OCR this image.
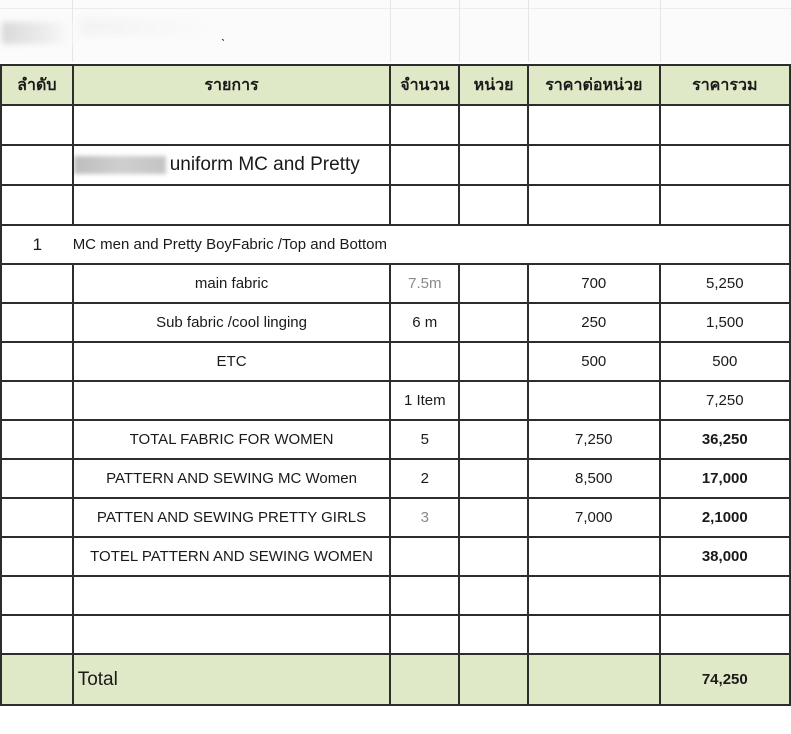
ˎ
ลำดับ	รายการ	จำนวน	หน่วย	ราคาต่อหน่วย	ราคารวม

	uniform MC and Pretty				

1	MC men and Pretty BoyFabric /Top and Bottom				
	main fabric	7.5m		700	5,250
	Sub fabric /cool linging	6 m		250	1,500
	ETC			500	500
		1 Item			7,250
	TOTAL FABRIC FOR WOMEN	5		7,250	36,250
	PATTERN AND SEWING MC Women	2		8,500	17,000
	PATTEN AND SEWING PRETTY GIRLS	3		7,000	2,1000
	TOTEL PATTERN AND SEWING WOMEN				38,000

	Total				74,250
